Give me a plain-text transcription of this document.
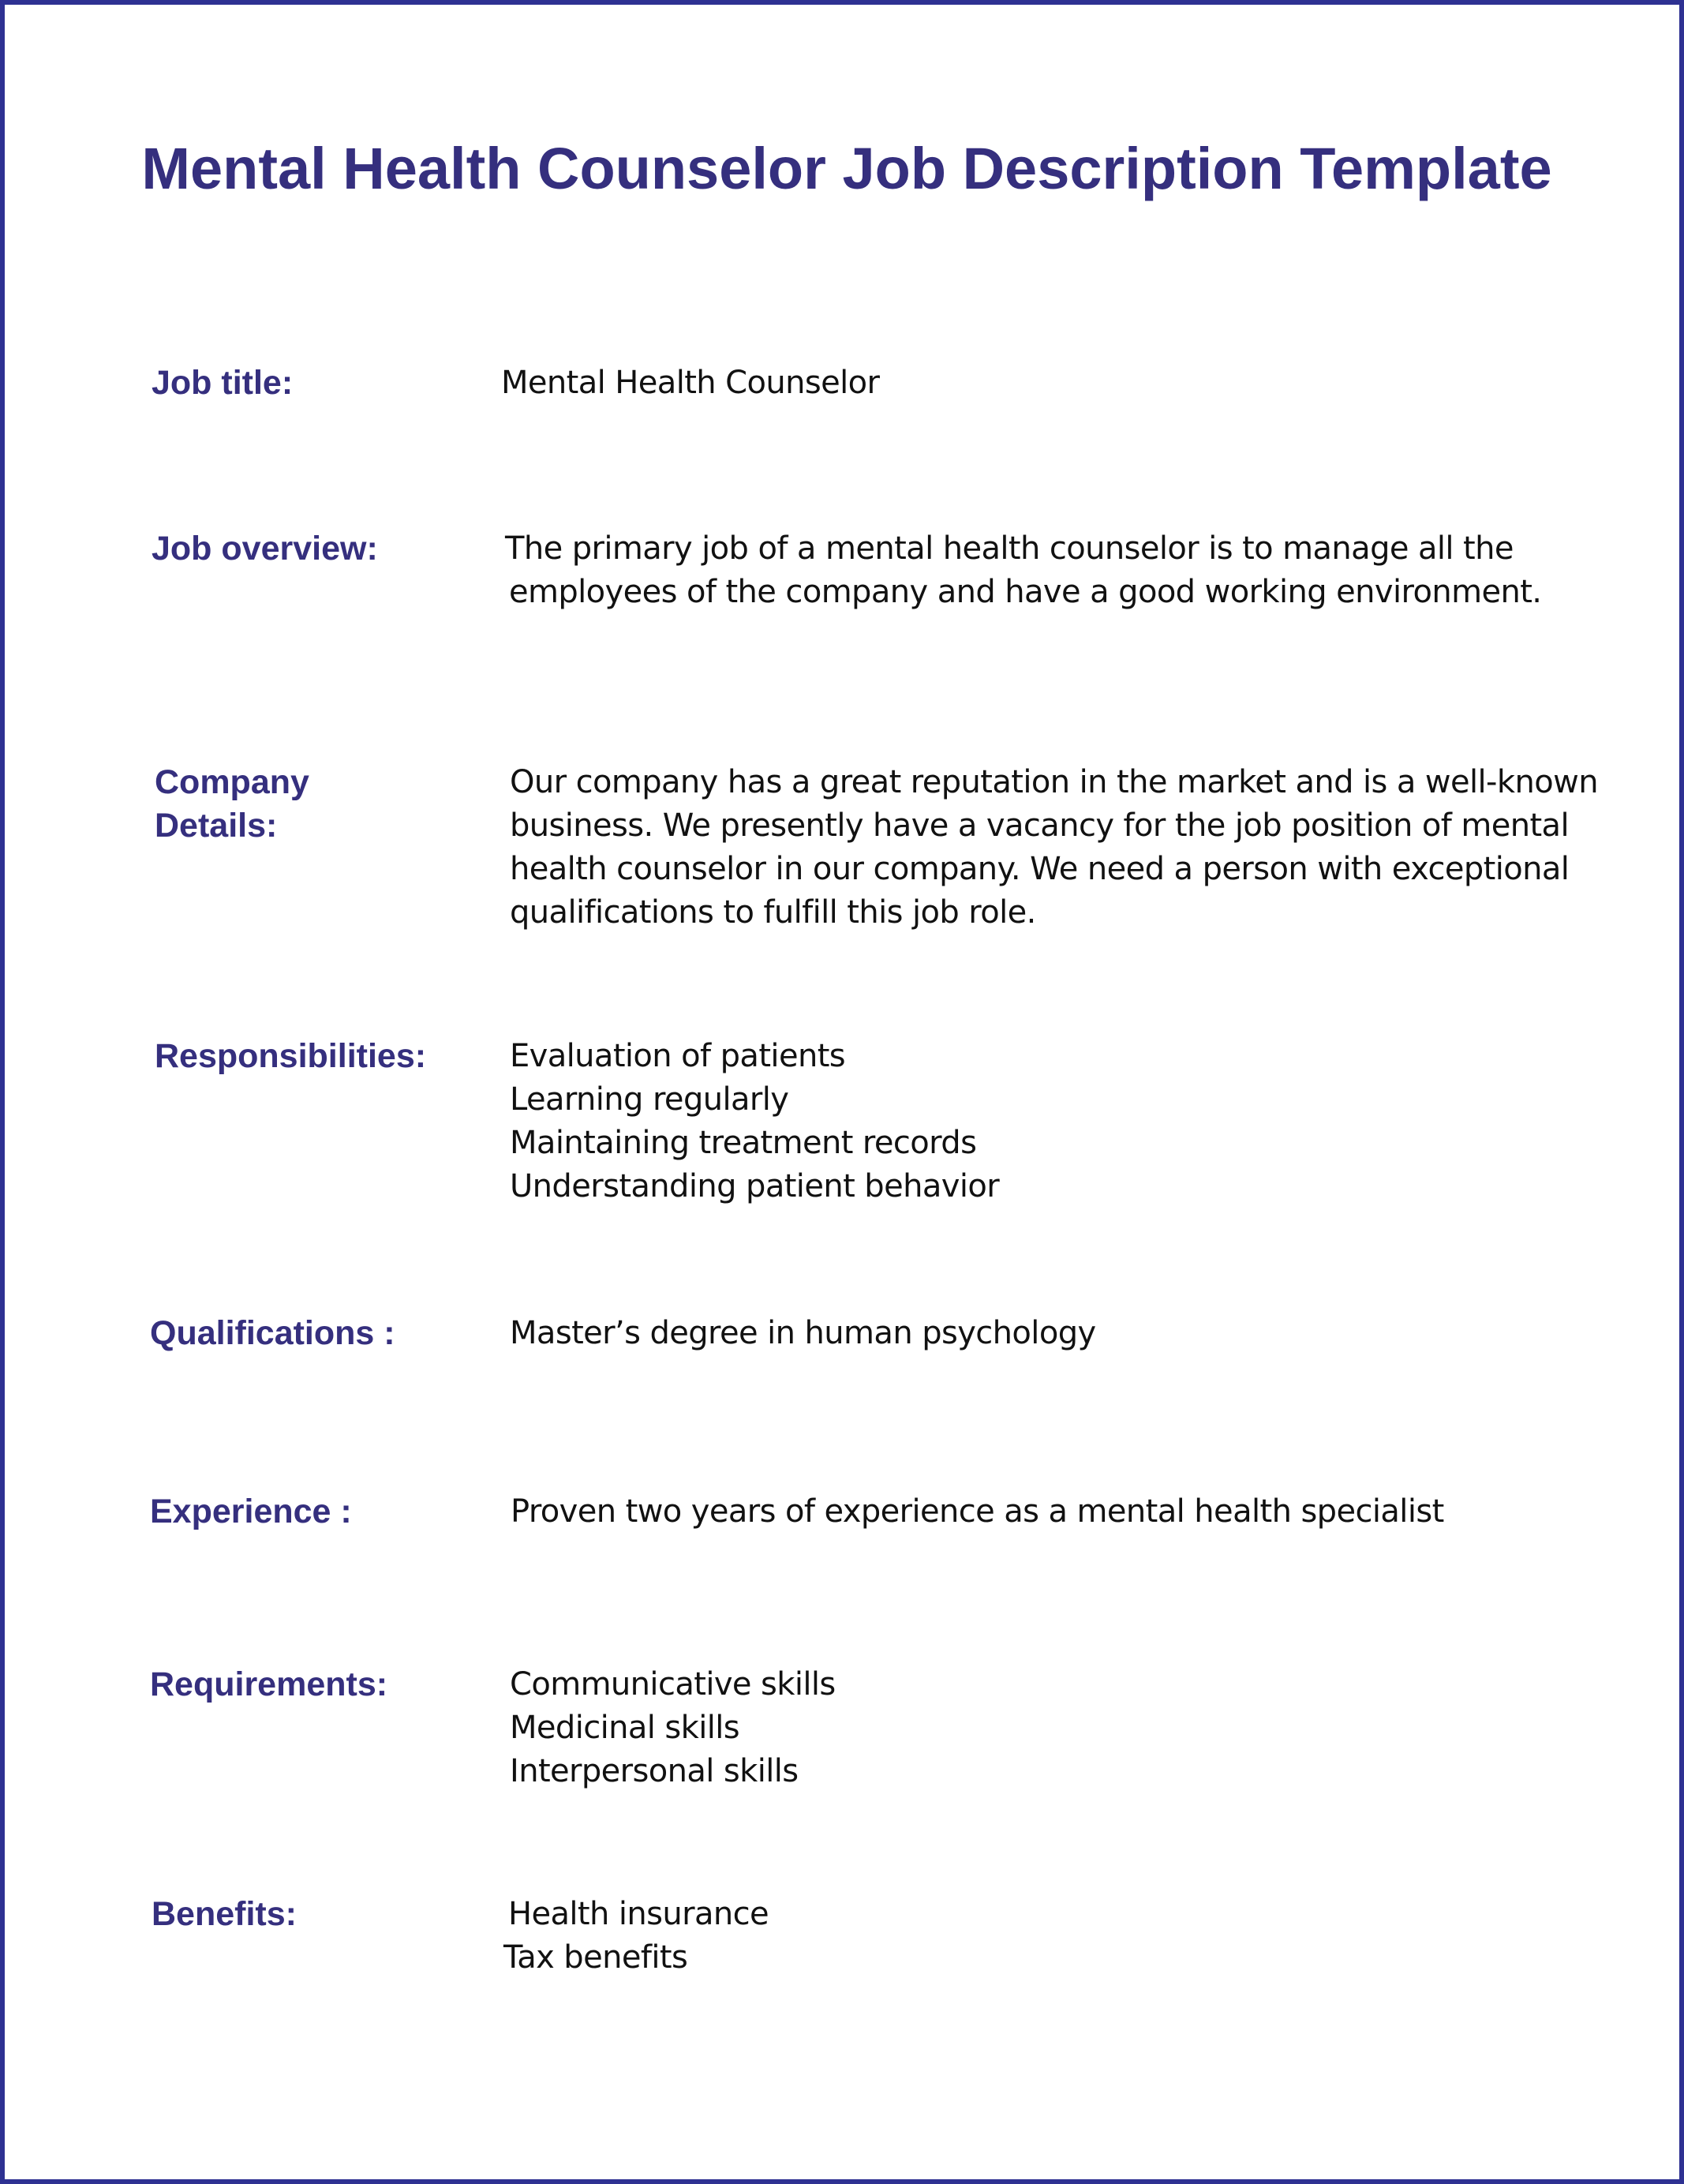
Mental Health Counselor Job Description Template

Job title:	Mental Health Counselor

Job overview:	The primary job of a mental health counselor is to manage all the
employees of the company and have a good working environment.
Company
Details:
Our company has a great reputation in the market and is a well-known
business. We presently have a vacancy for the job position of mental
health counselor in our company. We need a person with exceptional
qualifications to fulfill this job role.

Responsibilities:	Evaluation of patients
Learning regularly
Maintaining treatment records
Understanding patient behavior

Qualifications :	Master’s degree in human psychology

Experience :	Proven two years of experience as a mental health specialist

Requirements:	Communicative skills
Medicinal skills
Interpersonal skills

Benefits:	Health insurance
Tax benefits
